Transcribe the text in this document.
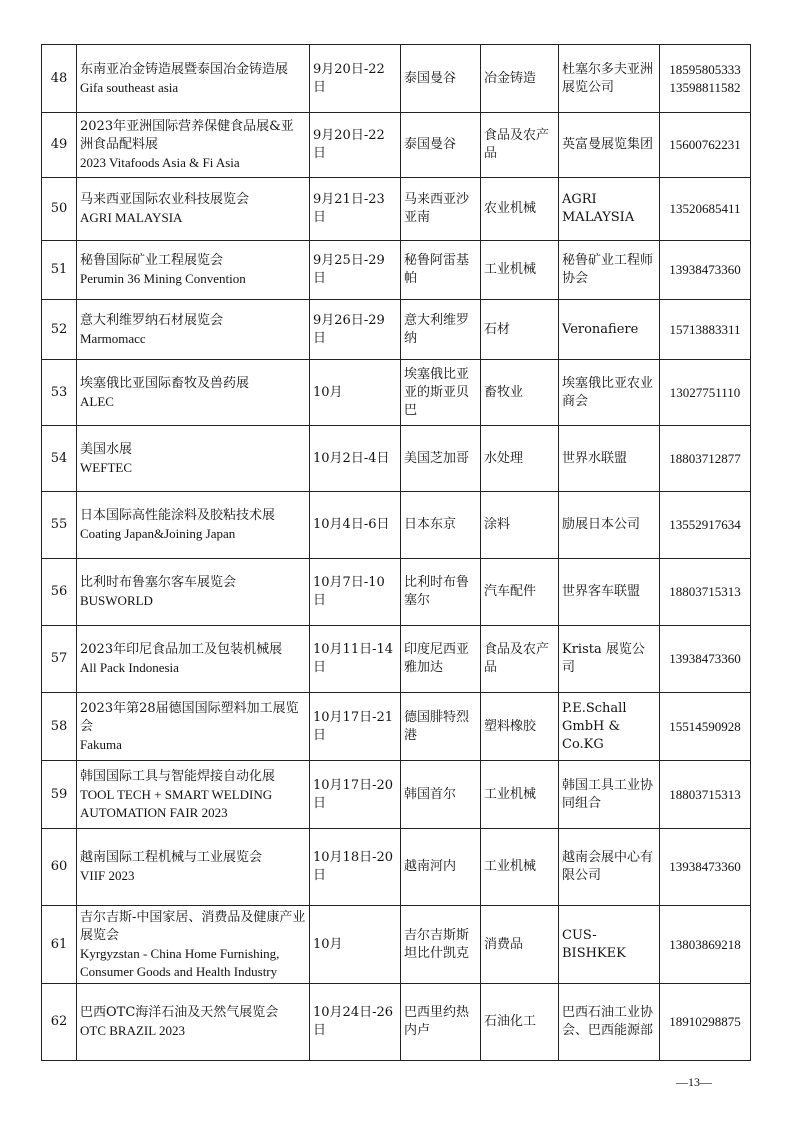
48	东南亚冶金铸造展暨泰国冶金铸造展
Gifa southeast asia	9月20日-22日	泰国曼谷	冶金铸造	杜塞尔多夫亚洲展览公司	18595805333
13598811582

49	2023年亚洲国际营养保健食品展&亚洲食品配料展
2023 Vitafoods Asia & Fi Asia	9月20日-22日	泰国曼谷	食品及农产品	英富曼展览集团	15600762231

50	马来西亚国际农业科技展览会
AGRI MALAYSIA	9月21日-23日	马来西亚沙亚南	农业机械	AGRI MALAYSIA	13520685411

51	秘鲁国际矿业工程展览会
Perumin 36 Mining Convention	9月25日-29日	秘鲁阿雷基帕	工业机械	秘鲁矿业工程师协会	13938473360

52	意大利维罗纳石材展览会
Marmomacc	9月26日-29日	意大利维罗纳	石材	Veronafiere	15713883311

53	埃塞俄比亚国际畜牧及兽药展
ALEC	10月	埃塞俄比亚亚的斯亚贝巴	畜牧业	埃塞俄比亚农业商会	13027751110

54	美国水展
WEFTEC	10月2日-4日	美国芝加哥	水处理	世界水联盟	18803712877

55	日本国际高性能涂料及胶粘技术展
Coating Japan&Joining Japan	10月4日-6日	日本东京	涂料	励展日本公司	13552917634

56	比利时布鲁塞尔客车展览会
BUSWORLD	10月7日-10日	比利时布鲁塞尔	汽车配件	世界客车联盟	18803715313

57	2023年印尼食品加工及包装机械展
All Pack Indonesia	10月11日-14日	印度尼西亚雅加达	食品及农产品	Krista 展览公司	13938473360

58	2023年第28届德国国际塑料加工展览会
Fakuma	10月17日-21日	德国腓特烈港	塑料橡胶	P.E.Schall GmbH & Co.KG	15514590928

59	韩国国际工具与智能焊接自动化展
TOOL TECH + SMART WELDING AUTOMATION FAIR 2023	10月17日-20日	韩国首尔	工业机械	韩国工具工业协同组合	18803715313

60	越南国际工程机械与工业展览会
VIIF 2023	10月18日-20日	越南河内	工业机械	越南会展中心有限公司	13938473360

61	吉尔吉斯-中国家居、消费品及健康产业展览会
Kyrgyzstan - China Home Furnishing, Consumer Goods and Health Industry	10月	吉尔吉斯斯坦比什凯克	消费品	CUS-BISHKEK	13803869218

62	巴西OTC海洋石油及天然气展览会
OTC BRAZIL 2023	10月24日-26日	巴西里约热内卢	石油化工	巴西石油工业协会、巴西能源部	18910298875
—13—
